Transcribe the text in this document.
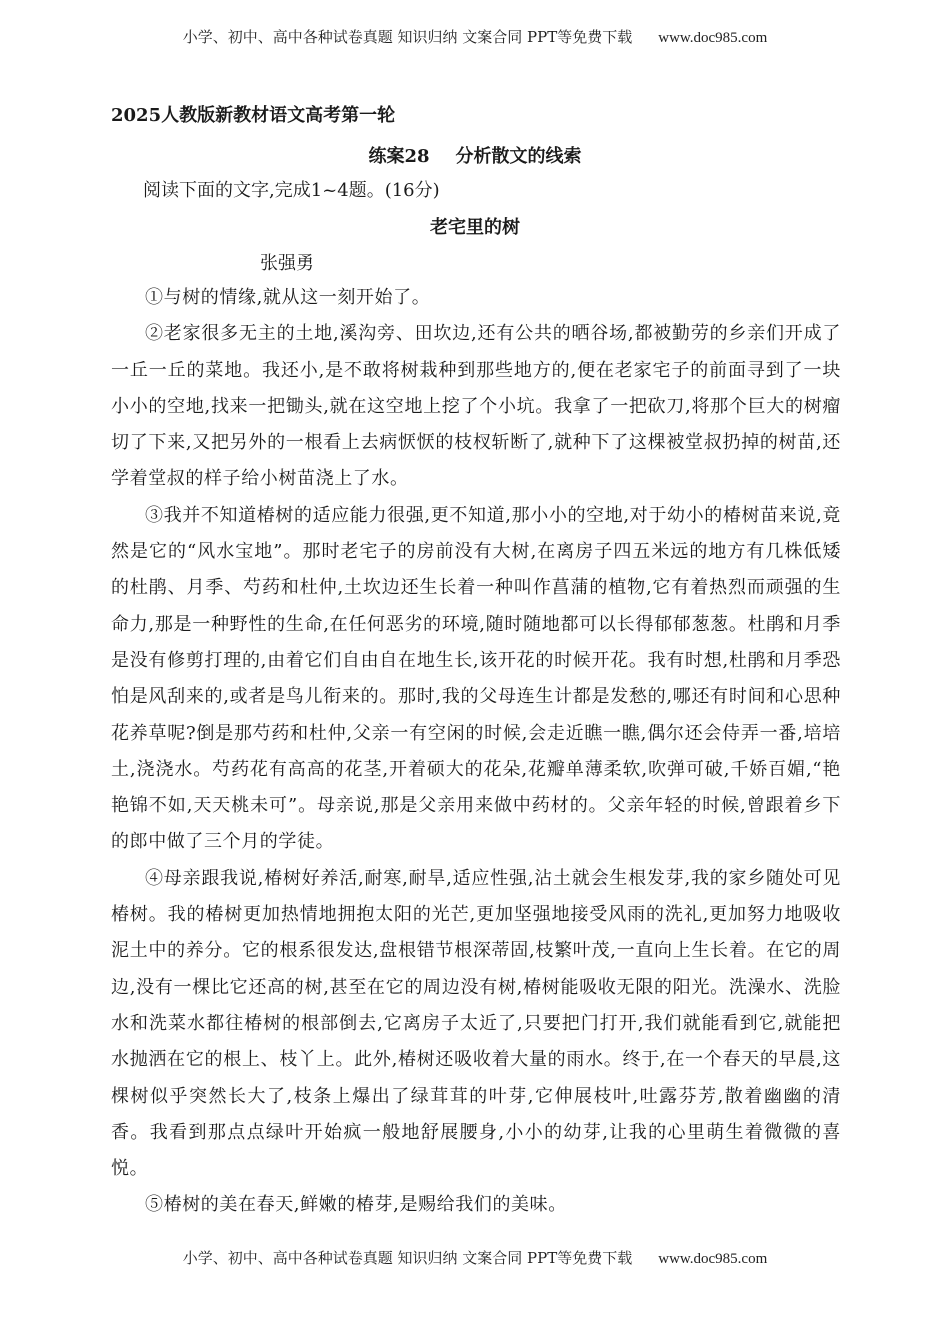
小学、初中、高中各种试卷真题 知识归纳 文案合同 PPT等免费下载 www.doc985.com
2025人教版新教材语文高考第一轮
练案28 分析散文的线索
阅读下面的文字,完成1~4题。(16分)
老宅里的树
张强勇

①与树的情缘,就从这一刻开始了。

②老家很多无主的土地,溪沟旁、田坎边,还有公共的晒谷场,都被勤劳的乡亲们开成了一丘一丘的菜地。我还小,是不敢将树栽种到那些地方的,便在老家宅子的前面寻到了一块小小的空地,找来一把锄头,就在这空地上挖了个小坑。我拿了一把砍刀,将那个巨大的树瘤切了下来,又把另外的一根看上去病恹恹的枝杈斩断了,就种下了这棵被堂叔扔掉的树苗,还学着堂叔的样子给小树苗浇上了水。

③我并不知道椿树的适应能力很强,更不知道,那小小的空地,对于幼小的椿树苗来说,竟然是它的“风水宝地”。那时老宅子的房前没有大树,在离房子四五米远的地方有几株低矮的杜鹃、月季、芍药和杜仲,土坎边还生长着一种叫作菖蒲的植物,它有着热烈而顽强的生命力,那是一种野性的生命,在任何恶劣的环境,随时随地都可以长得郁郁葱葱。杜鹃和月季是没有修剪打理的,由着它们自由自在地生长,该开花的时候开花。我有时想,杜鹃和月季恐怕是风刮来的,或者是鸟儿衔来的。那时,我的父母连生计都是发愁的,哪还有时间和心思种花养草呢?倒是那芍药和杜仲,父亲一有空闲的时候,会走近瞧一瞧,偶尔还会侍弄一番,培培土,浇浇水。芍药花有高高的花茎,开着硕大的花朵,花瓣单薄柔软,吹弹可破,千娇百媚,“艳艳锦不如,天天桃未可”。母亲说,那是父亲用来做中药材的。父亲年轻的时候,曾跟着乡下的郎中做了三个月的学徒。

④母亲跟我说,椿树好养活,耐寒,耐旱,适应性强,沾土就会生根发芽,我的家乡随处可见椿树。我的椿树更加热情地拥抱太阳的光芒,更加坚强地接受风雨的洗礼,更加努力地吸收泥土中的养分。它的根系很发达,盘根错节根深蒂固,枝繁叶茂,一直向上生长着。在它的周边,没有一棵比它还高的树,甚至在它的周边没有树,椿树能吸收无限的阳光。洗澡水、洗脸水和洗菜水都往椿树的根部倒去,它离房子太近了,只要把门打开,我们就能看到它,就能把水抛洒在它的根上、枝丫上。此外,椿树还吸收着大量的雨水。终于,在一个春天的早晨,这棵树似乎突然长大了,枝条上爆出了绿茸茸的叶芽,它伸展枝叶,吐露芬芳,散着幽幽的清香。我看到那点点绿叶开始疯一般地舒展腰身,小小的幼芽,让我的心里萌生着微微的喜悦。

⑤椿树的美在春天,鲜嫩的椿芽,是赐给我们的美味。

小学、初中、高中各种试卷真题 知识归纳 文案合同 PPT等免费下载 www.doc985.com
